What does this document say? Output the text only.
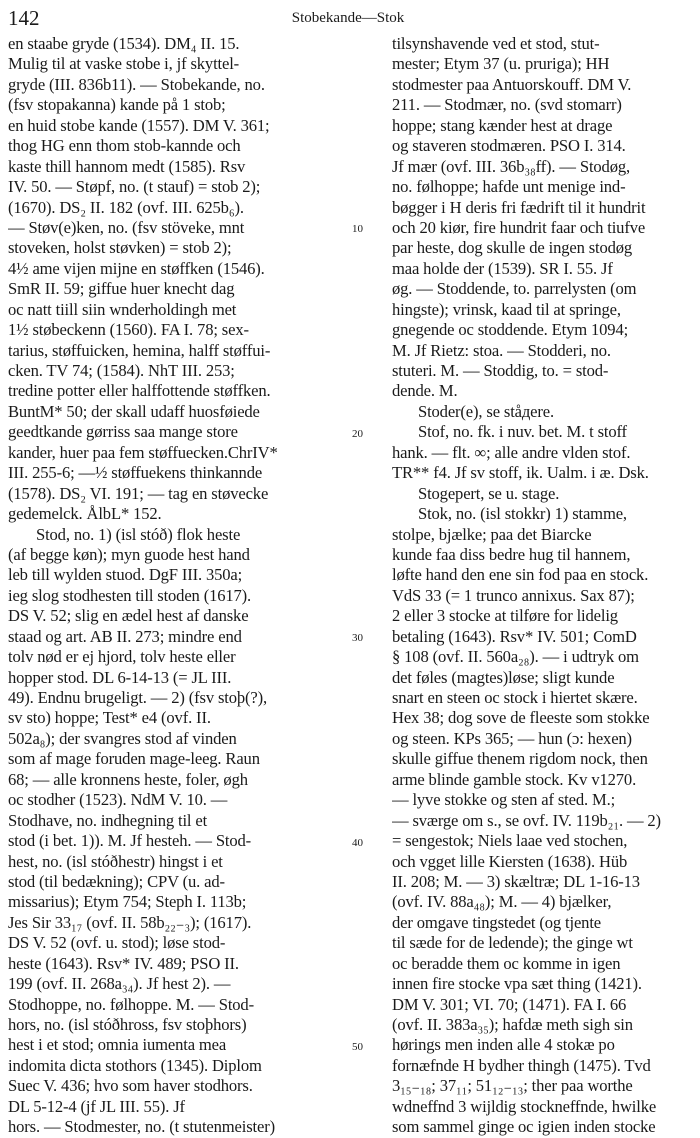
142	Stobekande—Stok
en staabe gryde (1534). DM₄ II. 15.
Mulig til at vaske stobe i, jf skyttel-
gryde (III. 836b11). — Stobekande, no.
(fsv stopakanna) kande på 1 stob;
en huid stobe kande (1557). DM V. 361;
thog HG enn thom stob-kannde och
kaste thill hannom medt (1585). Rsv
IV. 50. — Støpf, no. (t stauf) = stob 2);
(1670). DS₂ II. 182 (ovf. III. 625b₆).
— Støv(e)ken, no. (fsv stöveke, mnt
stoveken, holst støvken) = stob 2);
4½ ame vijen mijne en støffken (1546).
SmR II. 59; giffue huer knecht dag
oc natt tiill siin wnderholdingh met
1½ støbeckenn (1560). FA I. 78; sex-
tarius, støffuicken, hemina, halff støffui-
cken. TV 74; (1584). NhT III. 253;
tredine potter eller halffottende støffken.
BuntM* 50; der skall udaff huosføiede
geedtkande gørriss saa mange store
kander, huer paa fem støffuecken.ChrIV*
III. 255-6; —½ støffuekens thinkannde
(1578). DS₂ VI. 191; — tag en støvecke
gedemelck. ÅlbL* 152.
Stod, no. 1) (isl stóð) flok heste
(af begge køn); myn guode hest hand
leb till wylden stuod. DgF III. 350a;
ieg slog stodhesten till stoden (1617).
DS V. 52; slig en ædel hest af danske
staad og art. AB II. 273; mindre end
tolv nød er ej hjord, tolv heste eller
hopper stod. DL 6-14-13 (= JL III.
49). Endnu brugeligt. — 2) (fsv stoþ(?),
sv sto) hoppe; Test* e4 (ovf. II.
502a₈); der svangres stod af vinden
som af mage foruden mage-leeg. Raun
68; — alle kronnens heste, foler, øgh
oc stodher (1523). NdM V. 10. —
Stodhave, no. indhegning til et
stod (i bet. 1)). M. Jf hesteh. — Stod-
hest, no. (isl stóðhestr) hingst i et
stod (til bedækning); CPV (u. ad-
missarius); Etym 754; Steph I. 113b;
Jes Sir 33₁₇ (ovf. II. 58b₂₂₋₃); (1617).
DS V. 52 (ovf. u. stod); løse stod-
heste (1643). Rsv* IV. 489; PSO II.
199 (ovf. II. 268a₃₄). Jf hest 2). —
Stodhoppe, no. følhoppe. M. — Stod-
hors, no. (isl stóðhross, fsv stoþhors)
hest i et stod; omnia iumenta mea
indomita dicta stothors (1345). Diplom
Suec V. 436; hvo som haver stodhors.
DL 5-12-4 (jf JL III. 55). Jf
hors. — Stodmester, no. (t stutenmeister)
10
20
30
40
50
tilsynshavende ved et stod, stut-
mester; Etym 37 (u. pruriga); HH
stodmester paa Antuorskouff. DM V.
211. — Stodmær, no. (svd stomarr)
hoppe; stang kænder hest at drage
og staveren stodmæren. PSO I. 314.
Jf mær (ovf. III. 36b₃₈ff). — Stodøg,
no. følhoppe; hafde unt menige ind-
bøgger i H deris fri fædrift til it hundrit
och 20 kiør, fire hundrit faar och tiufve
par heste, dog skulle de ingen stodøg
maa holde der (1539). SR I. 55. Jf
øg. — Stoddende, to. parrelysten (om
hingste); vrinsk, kaad til at springe,
gnegende oc stoddende. Etym 1094;
M. Jf Rietz: stoa. — Stodderi, no.
stuteri. M. — Stoddig, to. = stod-
dende. M.
Stoder(e), se ståдere.
Stof, no. fk. i nuv. bet. M. t stoff
hank. — flt. ∞; alle andre vlden stof.
TR** f4. Jf sv stoff, ik. Ualm. i æ. Dsk.
Stogepert, se u. stage.
Stok, no. (isl stokkr) 1) stamme,
stolpe, bjælke; paa det Biarcke
kunde faa diss bedre hug til hannem,
løfte hand den ene sin fod paa en stock.
VdS 33 (= 1 trunco annixus. Sax 87);
2 eller 3 stocke at tilføre for lidelig
betaling (1643). Rsv* IV. 501; ComD
§ 108 (ovf. II. 560a₂₈). — i udtryk om
det føles (magtes)løse; sligt kunde
snart en steen oc stock i hiertet skære.
Hex 38; dog sove de fleeste som stokke
og steen. KPs 365; — hun (ɔ: hexen)
skulle giffue thenem rigdom nock, then
arme blinde gamble stock. Kv v1270.
— lyve stokke og sten af sted. M.;
— sværge om s., se ovf. IV. 119b₂₁. — 2)
= sengestok; Niels laae ved stochen,
och vgget lille Kiersten (1638). Hüb
II. 208; M. — 3) skæltræ; DL 1-16-13
(ovf. IV. 88a₄₈); M. — 4) bjælker,
der omgave tingstedet (og tjente
til sæde for de ledende); the ginge wt
oc beradde them oc komme in igen
innen fire stocke vpa sæt thing (1421).
DM V. 301; VI. 70; (1471). FA I. 66
(ovf. II. 383a₃₅); hafdæ meth sigh sin
hørings men inden alle 4 stokæ po
fornæfnde H bydher thingh (1475). Tvd
3₁₅₋₁₈; 37₁₁; 51₁₂₋₁₃; ther paa worthe
wdneffnd 3 wijldig stockneffnde, hwilke
som sammel ginge oc igien inden stocke
